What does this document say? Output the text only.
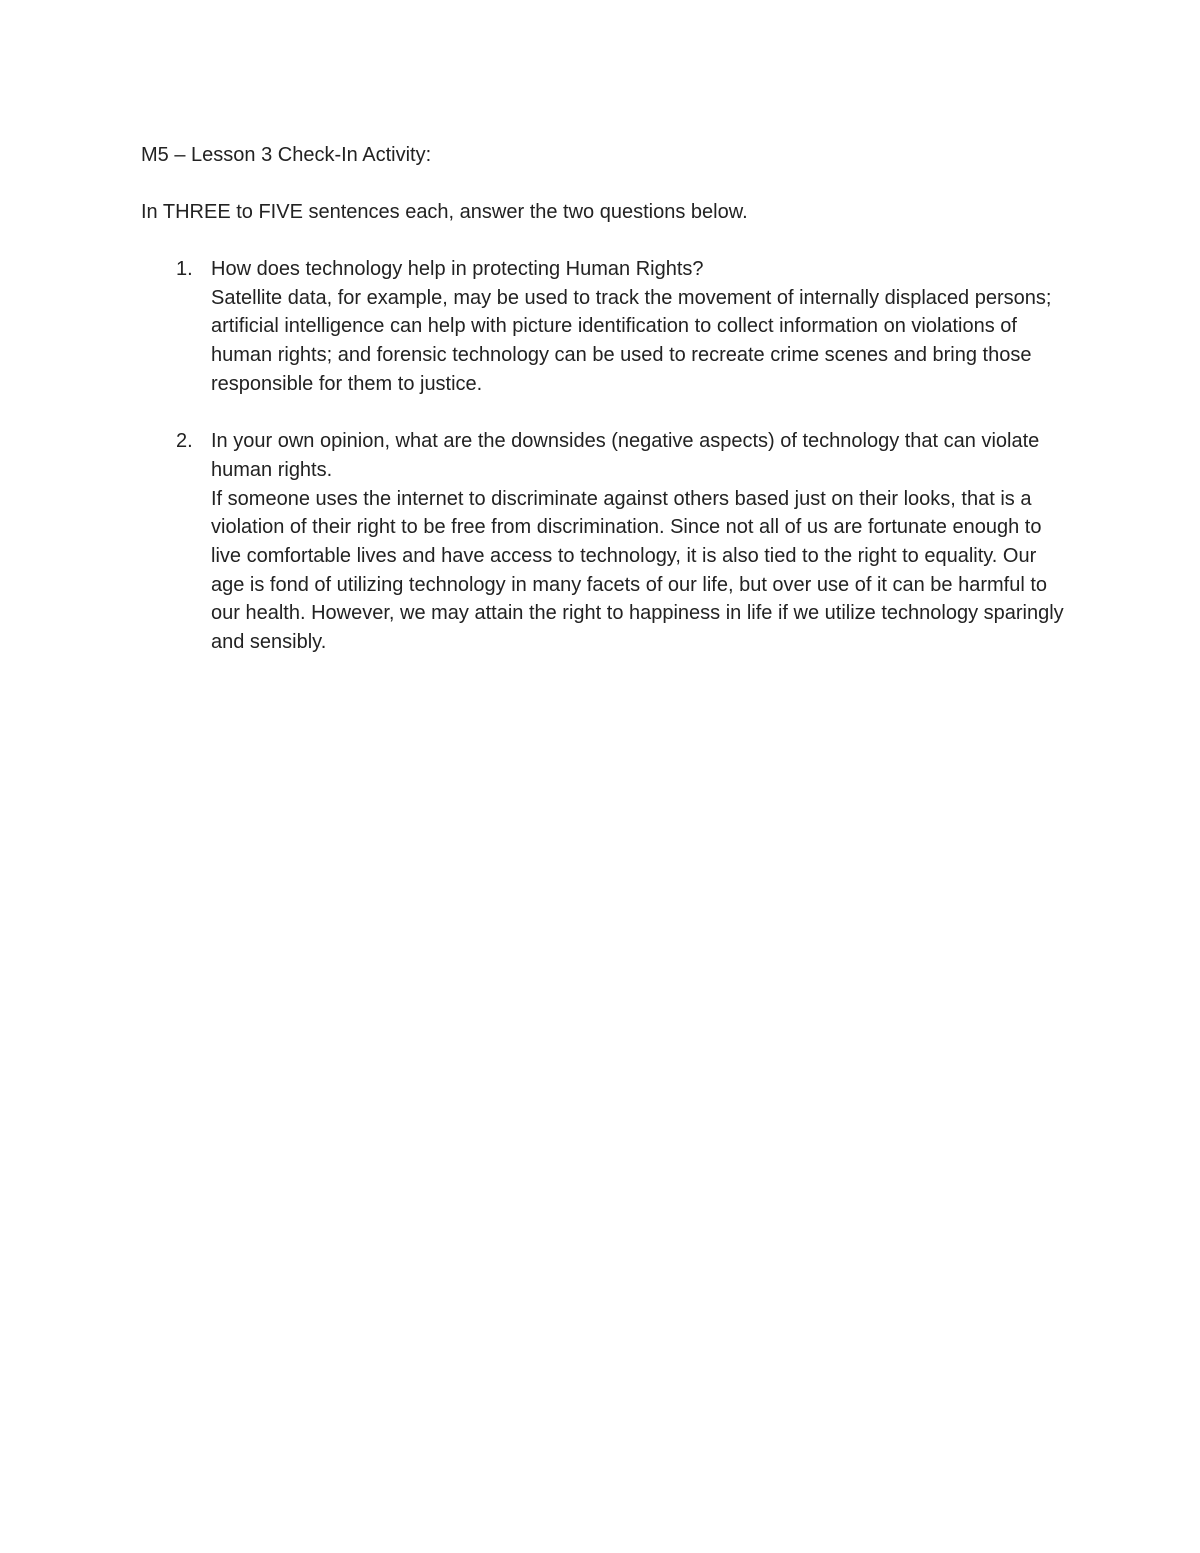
M5 – Lesson 3 Check-In Activity:

In THREE to FIVE sentences each, answer the two questions below.

1. How does technology help in protecting Human Rights?
Satellite data, for example, may be used to track the movement of internally displaced persons; artificial intelligence can help with picture identification to collect information on violations of human rights; and forensic technology can be used to recreate crime scenes and bring those responsible for them to justice.
2. In your own opinion, what are the downsides (negative aspects) of technology that can violate human rights.
If someone uses the internet to discriminate against others based just on their looks, that is a violation of their right to be free from discrimination. Since not all of us are fortunate enough to live comfortable lives and have access to technology, it is also tied to the right to equality. Our age is fond of utilizing technology in many facets of our life, but over use of it can be harmful to our health. However, we may attain the right to happiness in life if we utilize technology sparingly and sensibly.
